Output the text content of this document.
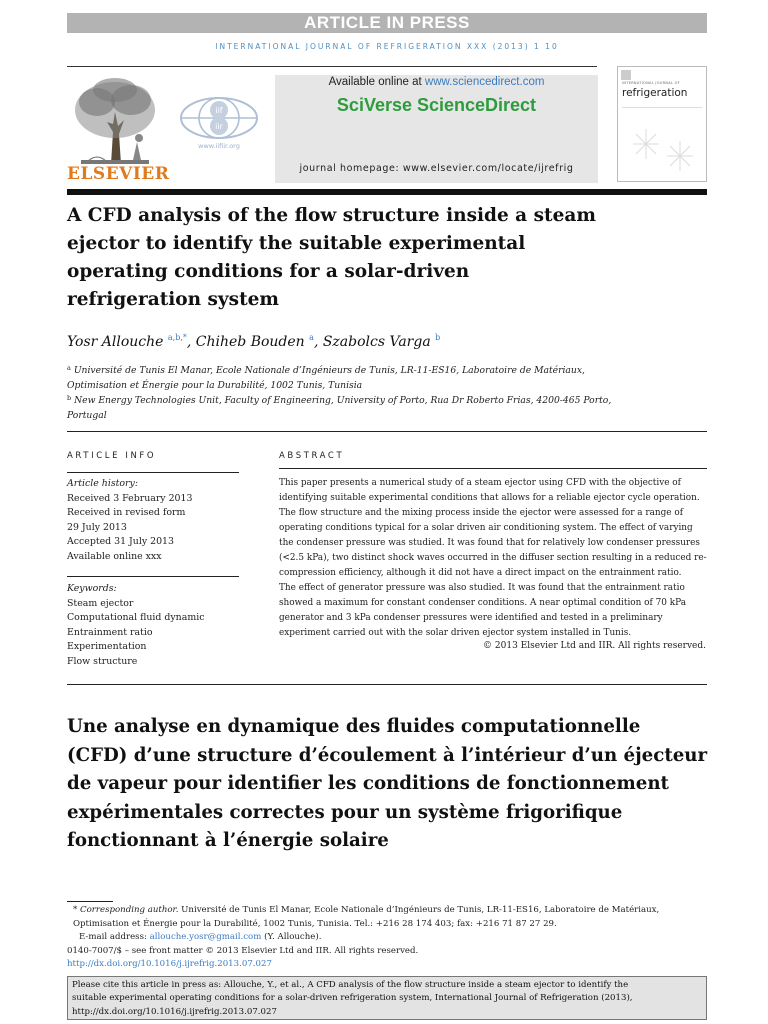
ARTICLE IN PRESS
INTERNATIONAL JOURNAL OF REFRIGERATION XXX (2013) 1 10
ELSEVIER
iif
iir
www.iifiir.org
Available online at www.sciencedirect.com
SciVerse ScienceDirect
journal homepage: www.elsevier.com/locate/ijrefrig
INTERNATIONAL JOURNAL OF
refrigeration
A CFD analysis of the flow structure inside a steam
ejector to identify the suitable experimental
operating conditions for a solar-driven
refrigeration system
Yosr Allouche $^{a,b,*}$, Chiheb Bouden $^a$, Szabolcs Varga $^b$
$^a$ Université de Tunis El Manar, Ecole Nationale d’Ingénieurs de Tunis, LR-11-ES16, Laboratoire de Matériaux,
Optimisation et Énergie pour la Durabilité, 1002 Tunis, Tunisia
$^b$ New Energy Technologies Unit, Faculty of Engineering, University of Porto, Rua Dr Roberto Frias, 4200-465 Porto,
Portugal
ARTICLE INFO
Article history:
Received 3 February 2013
Received in revised form
29 July 2013
Accepted 31 July 2013
Available online xxx
Keywords:
Steam ejector
Computational fluid dynamic
Entrainment ratio
Experimentation
Flow structure
ABSTRACT
This paper presents a numerical study of a steam ejector using CFD with the objective of
identifying suitable experimental conditions that allows for a reliable ejector cycle operation.
The flow structure and the mixing process inside the ejector were assessed for a range of
operating conditions typical for a solar driven air conditioning system. The effect of varying
the condenser pressure was studied. It was found that for relatively low condenser pressures
(<2.5 kPa), two distinct shock waves occurred in the diffuser section resulting in a reduced re-
compression efficiency, although it did not have a direct impact on the entrainment ratio.
The effect of generator pressure was also studied. It was found that the entrainment ratio
showed a maximum for constant condenser conditions. A near optimal condition of 70 kPa
generator and 3 kPa condenser pressures were identified and tested in a preliminary
experiment carried out with the solar driven ejector system installed in Tunis.
© 2013 Elsevier Ltd and IIR. All rights reserved.
Une analyse en dynamique des fluides computationnelle
(CFD) d’une structure d’écoulement à l’intérieur d’un éjecteur
de vapeur pour identifier les conditions de fonctionnement
expérimentales correctes pour un système frigorifique
fonctionnant à l’énergie solaire
* Corresponding author. Université de Tunis El Manar, Ecole Nationale d’Ingénieurs de Tunis, LR-11-ES16, Laboratoire de Matériaux,
Optimisation et Énergie pour la Durabilité, 1002 Tunis, Tunisia. Tel.: +216 28 174 403; fax: +216 71 87 27 29.
E-mail address: allouche.yosr@gmail.com (Y. Allouche).
0140-7007/$ – see front matter © 2013 Elsevier Ltd and IIR. All rights reserved.
http://dx.doi.org/10.1016/j.ijrefrig.2013.07.027
Please cite this article in press as: Allouche, Y., et al., A CFD analysis of the flow structure inside a steam ejector to identify the
suitable experimental operating conditions for a solar-driven refrigeration system, International Journal of Refrigeration (2013),
http://dx.doi.org/10.1016/j.ijrefrig.2013.07.027
